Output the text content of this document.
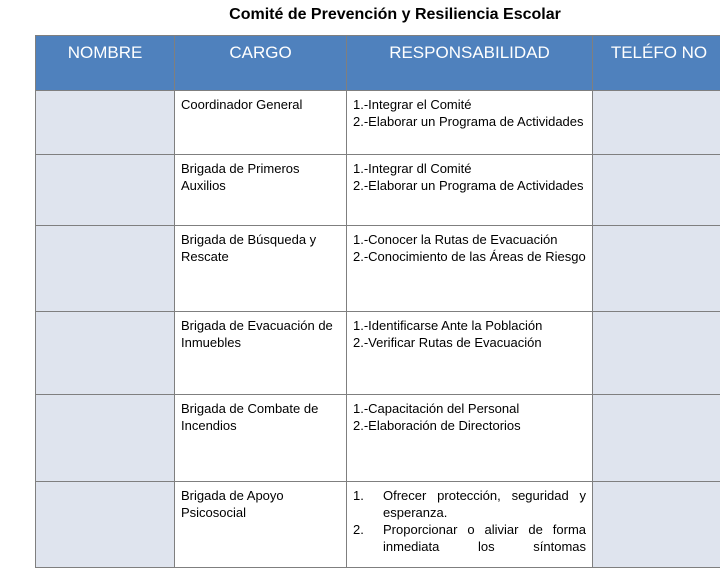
Comité de Prevención y Resiliencia Escolar
NOMBRE	CARGO	RESPONSABILIDAD	TELÉFO NO
	Coordinador General	1.-Integrar el Comité
2.-Elaborar un Programa de Actividades	

	Brigada de Primeros Auxilios	1.-Integrar dl Comité
2.-Elaborar un Programa de Actividades	

	Brigada de Búsqueda y Rescate	1.-Conocer la Rutas de Evacuación
2.-Conocimiento de las Áreas de Riesgo	

	Brigada de Evacuación de Inmuebles	1.-Identificarse Ante la Población
2.-Verificar Rutas de Evacuación	

	Brigada de Combate de Incendios	1.-Capacitación del Personal
2.-Elaboración de Directorios	

	Brigada de Apoyo Psicosocial	1. Ofrecer protección, seguridad y esperanza.
2. Proporcionar o aliviar de forma inmediata los síntomas	
